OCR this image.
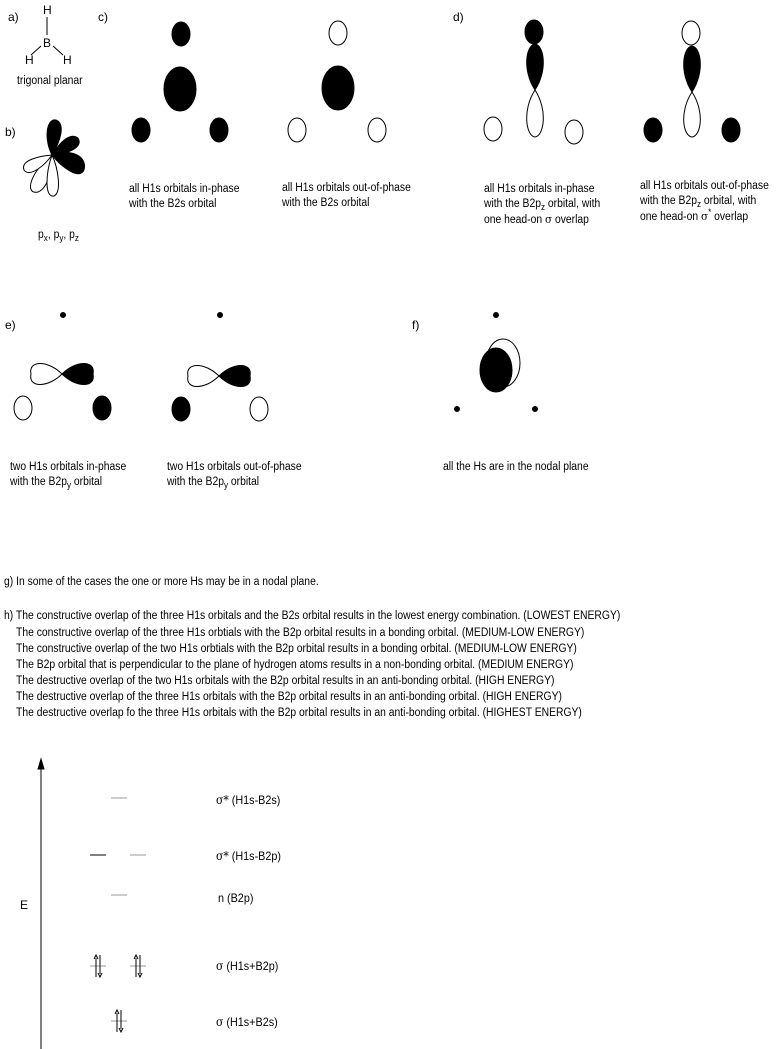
a) H
B
H H
trigonal planar
b)
$p_x$, $p_y$, $p_z$
c)
all H1s orbitals in-phase
with the B2s orbital
all H1s orbitals out-of-phase
with the B2s orbital
d)
all H1s orbitals in-phase
with the $B2p_z$ orbital, with
one head-on σ overlap
all H1s orbitals out-of-phase
with the $B2p_z$ orbital, with
one head-on σ* overlap
e)
two H1s orbitals in-phase
with the $B2p_y$ orbital
two H1s orbitals out-of-phase
with the $B2p_y$ orbital
f)
all the Hs are in the nodal plane
g) In some of the cases the one or more Hs may be in a nodal plane.
h) The constructive overlap of the three H1s orbitals and the B2s orbital results in the lowest energy combination. (LOWEST ENERGY)
The constructive overlap of the three H1s orbtials with the B2p orbital results in a bonding orbital. (MEDIUM-LOW ENERGY)
The constructive overlap of the two H1s orbtials with the B2p orbital results in a bonding orbital. (MEDIUM-LOW ENERGY)
The B2p orbital that is perpendicular to the plane of hydrogen atoms results in a non-bonding orbital. (MEDIUM ENERGY)
The destructive overlap of the two H1s orbitals with the B2p orbital results in an anti-bonding orbital. (HIGH ENERGY)
The destructive overlap of the three H1s orbitals with the B2p orbital results in an anti-bonding orbital. (HIGH ENERGY)
The destructive overlap fo the three H1s orbitals with the B2p orbital results in an anti-bonding orbital. (HIGHEST ENERGY)
E
σ* (H1s-B2s)
σ* (H1s-B2p)
n (B2p)
σ (H1s+B2p)
σ (H1s+B2s)
